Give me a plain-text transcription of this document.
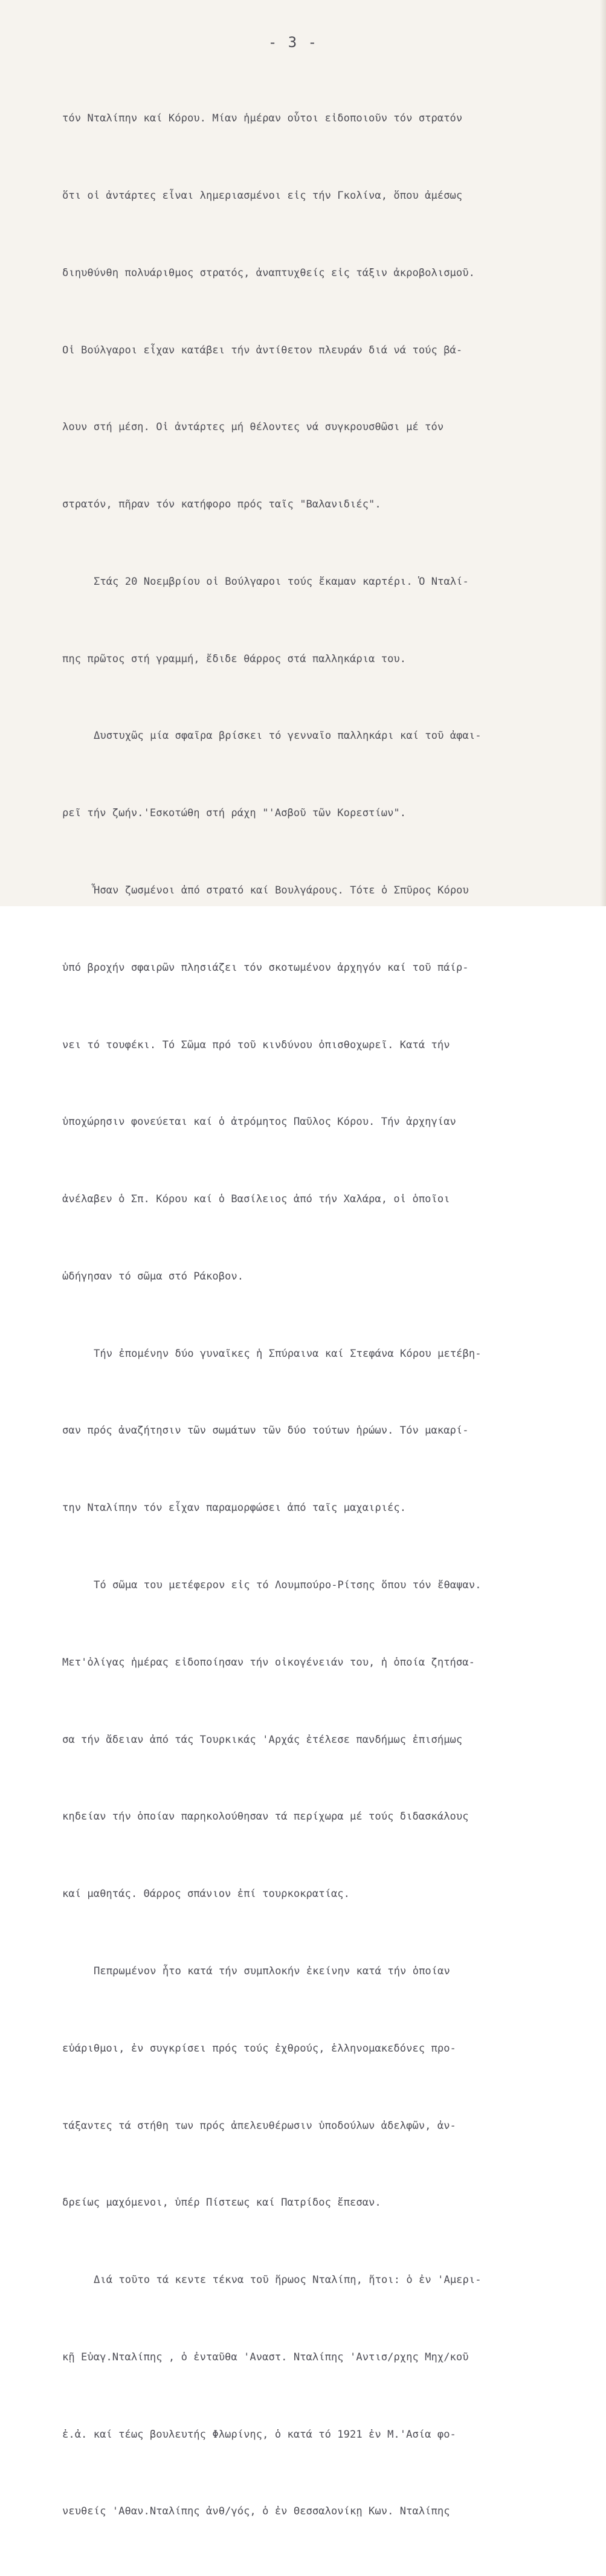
- 3 -

τόν Νταλίπην καί Κόρου. Μίαν ἡμέραν οὗτοι εἰδοποιοῦν τόν στρατόν

ὅτι οἱ ἀντάρτες εἶναι λημεριασμένοι εἰς τήν Γκολίνα, ὅπου ἀμέσως

διηυθύνθη πολυάριθμος στρατός, ἀναπτυχθείς εἰς τάξιν ἀκροβολισμοῦ.

Οἱ Βούλγαροι εἶχαν κατάβει τήν ἀντίθετον πλευράν διά νά τούς βά-

λουν στή μέση. Οἱ ἀντάρτες μή θέλοντες νά συγκρουσθῶσι μέ τόν

στρατόν, πῆραν τόν κατήφορο πρός ταῖς "Βαλανιδιές".

Στάς 20 Νοεμβρίου οἱ Βούλγαροι τούς ἔκαμαν καρτέρι. Ὁ Νταλί-

πης πρῶτος στή γραμμή, ἔδιδε θάρρος στά παλληκάρια του.

Δυστυχῶς μία σφαῖρα βρίσκει τό γενναῖο παλληκάρι καί τοῦ ἀφαι-

ρεῖ τήν ζωήν.'Εσκοτώθη στή ράχη "'Ασβοῦ τῶν Κορεστίων".

Ἦσαν ζωσμένοι ἀπό στρατό καί Βουλγάρους. Τότε ὁ Σπῦρος Κόρου

ὑπό βροχήν σφαιρῶν πλησιάζει τόν σκοτωμένον ἀρχηγόν καί τοῦ πάίρ-

νει τό τουφέκι. Τό Σῶμα πρό τοῦ κινδύνου ὀπισθοχωρεῖ. Κατά τήν

ὑποχώρησιν φονεύεται καί ὁ ἀτρόμητος Παῦλος Κόρου. Τήν ἀρχηγίαν

ἀνέλαβεν ὁ Σπ. Κόρου καί ὁ Βασίλειος ἀπό τήν Χαλάρα, οἱ ὁποῖοι

ὡδήγησαν τό σῶμα στό Ράκοβον.

Τήν ἐπομένην δύο γυναῖκες ἡ Σπύραινα καί Στεφάνα Κόρου μετέβη-

σαν πρός ἀναζήτησιν τῶν σωμάτων τῶν δύο τούτων ἡρώων. Τόν μακαρί-

την Νταλίπην τόν εἶχαν παραμορφώσει ἀπό ταῖς μαχαιριές.

Τό σῶμα του μετέφερον εἰς τό Λουμπούρο-Ρίτσης ὅπου τόν ἔθαψαν.

Μετ'ὀλίγας ἡμέρας εἰδοποίησαν τήν οἰκογένειάν του, ἡ ὁποία ζητήσα-

σα τήν ἄδειαν ἀπό τάς Τουρκικάς 'Αρχάς ἐτέλεσε πανδήμως ἐπισήμως

κηδείαν τήν ὁποίαν παρηκολούθησαν τά περίχωρα μέ τούς διδασκάλους

καί μαθητάς. Θάρρος σπάνιον ἐπί τουρκοκρατίας.

Πεπρωμένον ἦτο κατά τήν συμπλοκήν ἐκείνην κατά τήν ὁποίαν

εὐάριθμοι, ἐν συγκρίσει πρός τούς ἐχθρούς, ἑλληνομακεδόνες προ-

τάξαντες τά στήθη των πρός ἀπελευθέρωσιν ὑποδούλων ἀδελφῶν, ἀν-

δρείως μαχόμενοι, ὑπέρ Πίστεως καί Πατρίδος ἔπεσαν.

Διά τοῦτο τά κεντε τέκνα τοῦ ἥρωος Νταλίπη, ἤτοι: ὁ ἐν 'Αμερι-

κῇ Εὐαγ.Νταλίπης , ὁ ἐνταῦθα 'Αναστ. Νταλίπης 'Αντισ/ρχης Μηχ/κοῦ

ἐ.ἀ. καί τέως βουλευτής Φλωρίνης, ὁ κατά τό 1921 ἐν Μ.'Ασία φο-

νευθείς 'Αθαν.Νταλίπης ἀνθ/γός, ὁ ἐν Θεσσαλονίκῃ Κων. Νταλίπης
